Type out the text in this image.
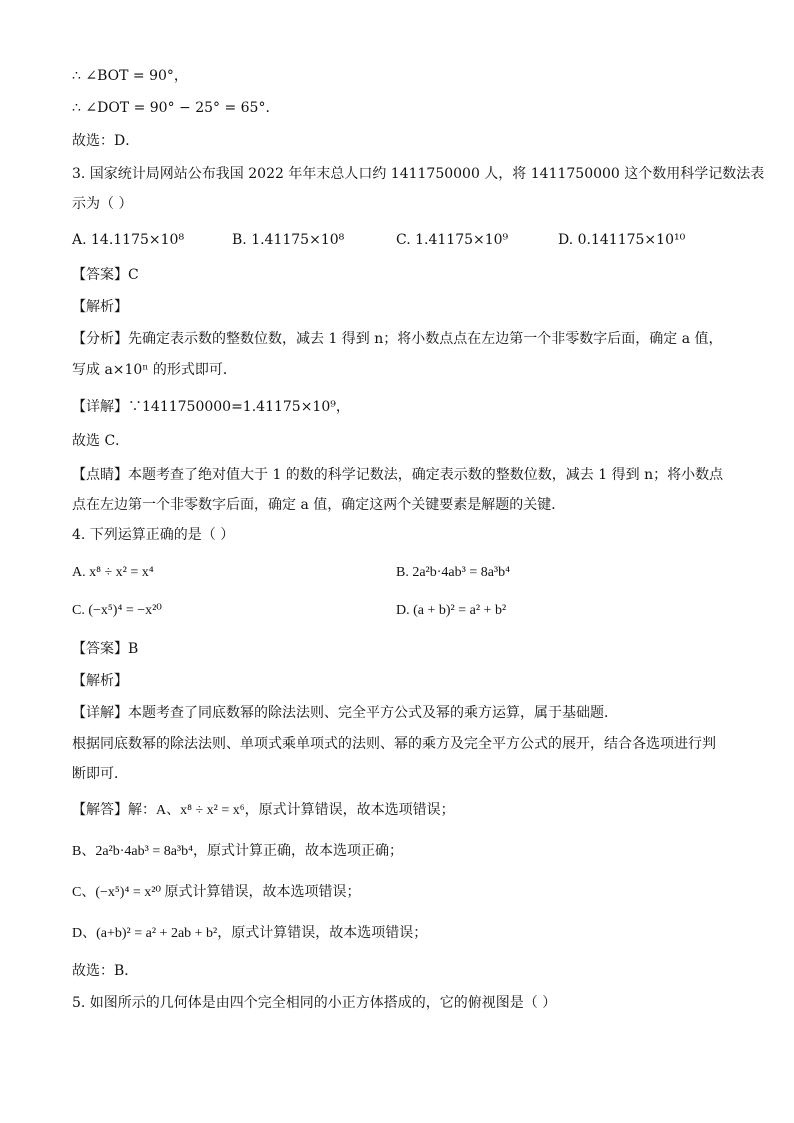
∴ ∠BOT = 90°，
∴ ∠DOT = 90° − 25° = 65°．
故选：D．
3. 国家统计局网站公布我国 2022 年年末总人口约 1411750000 人，将 1411750000 这个数用科学记数法表
示为（ ）
A. 14.1175×10⁸	B. 1.41175×10⁸	C. 1.41175×10⁹	D. 0.141175×10¹⁰
【答案】C
【解析】
【分析】先确定表示数的整数位数，减去 1 得到 n；将小数点点在左边第一个非零数字后面，确定 a 值，
写成 a×10ⁿ 的形式即可．
【详解】∵1411750000=1.41175×10⁹，
故选 C．
【点睛】本题考查了绝对值大于 1 的数的科学记数法，确定表示数的整数位数，减去 1 得到 n；将小数点
点在左边第一个非零数字后面，确定 a 值，确定这两个关键要素是解题的关键．
4. 下列运算正确的是（ ）
A. x⁸ ÷ x² = x⁴	B. 2a²b·4ab³ = 8a³b⁴
C. (−x⁵)⁴ = −x²⁰	D. (a + b)² = a² + b²
【答案】B
【解析】
【详解】本题考查了同底数幂的除法法则、完全平方公式及幂的乘方运算，属于基础题．
根据同底数幂的除法法则、单项式乘单项式的法则、幂的乘方及完全平方公式的展开，结合各选项进行判
断即可．
【解答】解：A、x⁸ ÷ x² = x⁶，原式计算错误，故本选项错误；
B、2a²b·4ab³ = 8a³b⁴，原式计算正确，故本选项正确；
C、(−x⁵)⁴ = x²⁰ 原式计算错误，故本选项错误；
D、(a+b)² = a² + 2ab + b²，原式计算错误，故本选项错误；
故选：B．
5. 如图所示的几何体是由四个完全相同的小正方体搭成的，它的俯视图是（ ）
